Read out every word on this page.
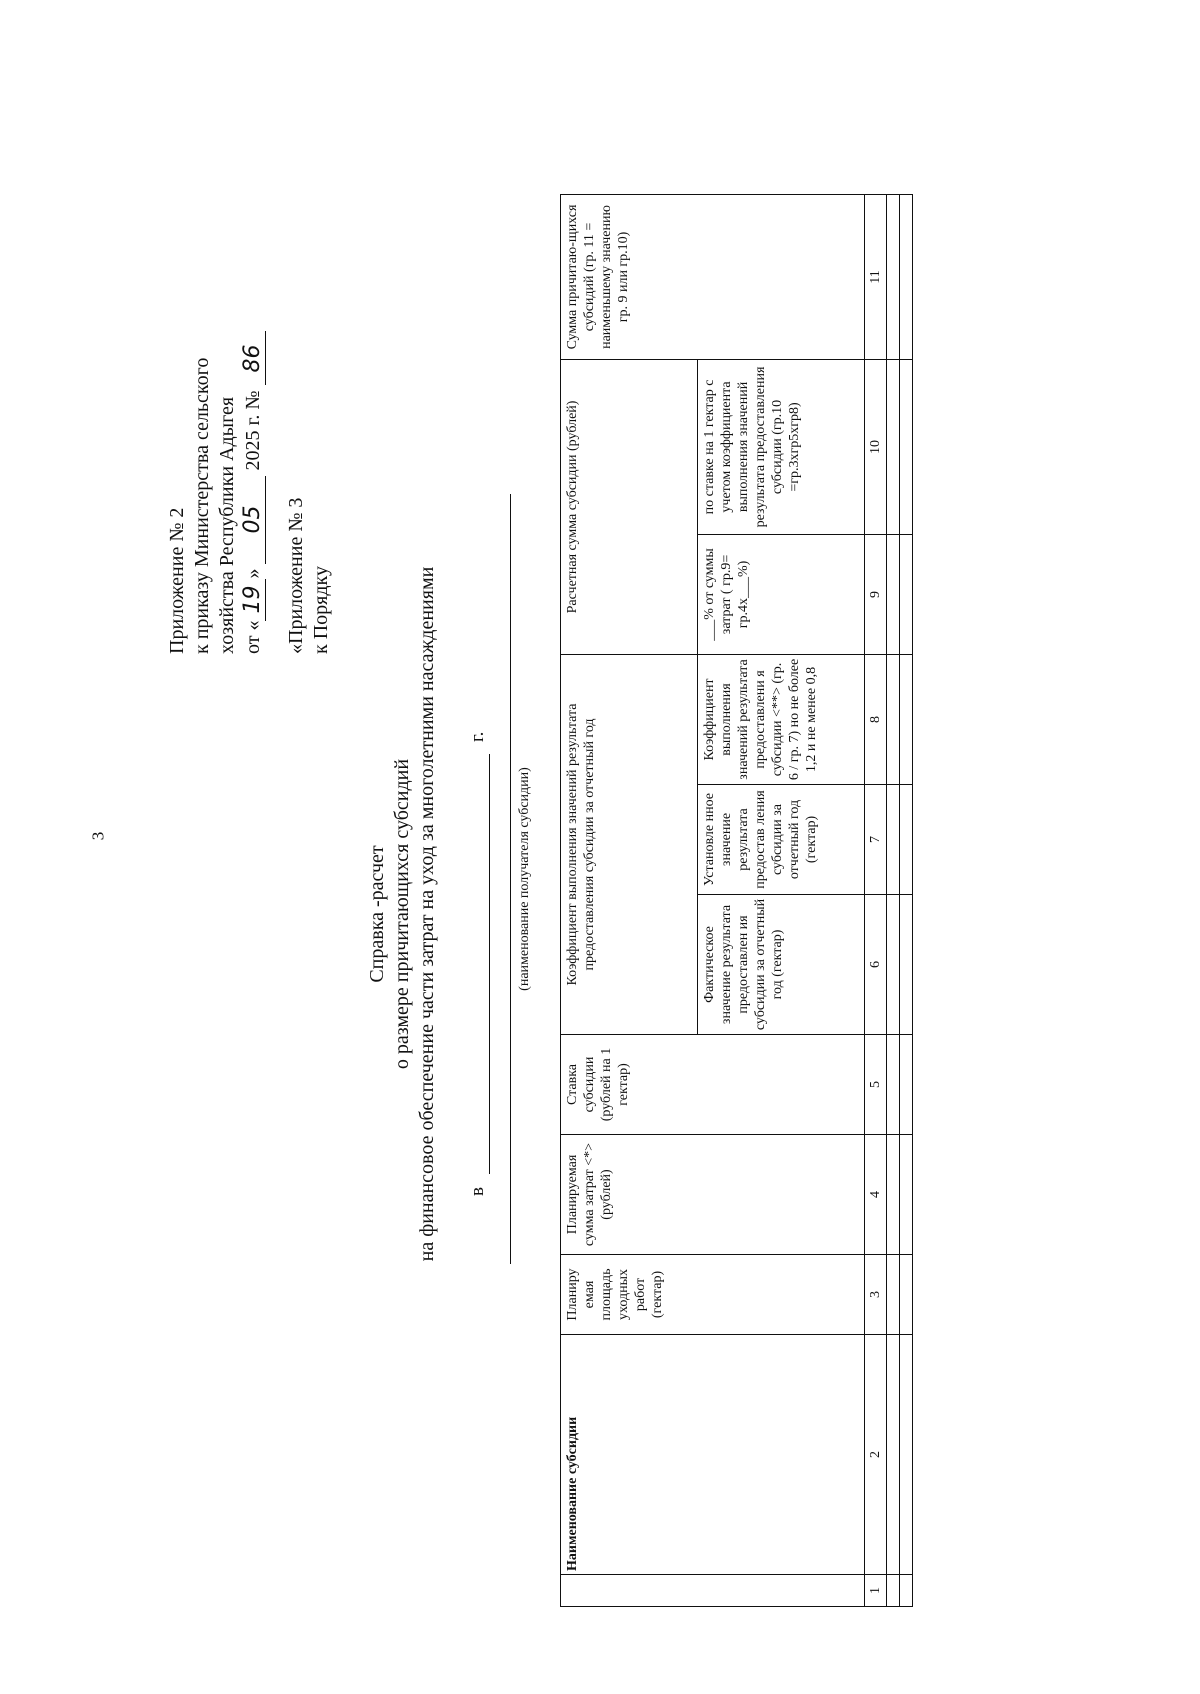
3
Приложение № 2 к приказу Министерства сельского хозяйства Республики Адыгея от «19» 05 2025 г. № 86
«Приложение № 3 к Порядку
Справка -расчет о размере причитающихся субсидий на финансовое обеспечение части затрат на уход за многолетними насаждениями в
г.
(наименование получателя субсидии)
	Наименование субсидии	Планиру емая площадь уходных работ (гектар)	Планируемая сумма затрат <*> (рублей)	Ставка субсидии (рублей на 1 гектар)	Коэффициент выполнения значений результата предоставления субсидии за отчетный год			Расчетная сумма субсидии (рублей)		Сумма причитаю-щихся субсидий (гр. 11 = наименьшему значению гр. 9 или гр.10)
					Фактическое значение результата предоставлен ия субсидии за отчетный год (гектар)	Установле нное значение результата предостав ления субсидии за отчетный год (гектар)	Коэффициент выполнения значений результата предоставлени я субсидии <**> (гр. 6 / гр. 7) но не более 1,2 и не менее 0,8	___% от суммы затрат ( гр.9= гр.4х___%)	по ставке на 1 гектар с учетом коэффициента выполнения значений результата предоставления субсидии (гр.10 =гр.3хгр5хгр8)	
1	2	3	4	5	6	7	8	9	10	11
